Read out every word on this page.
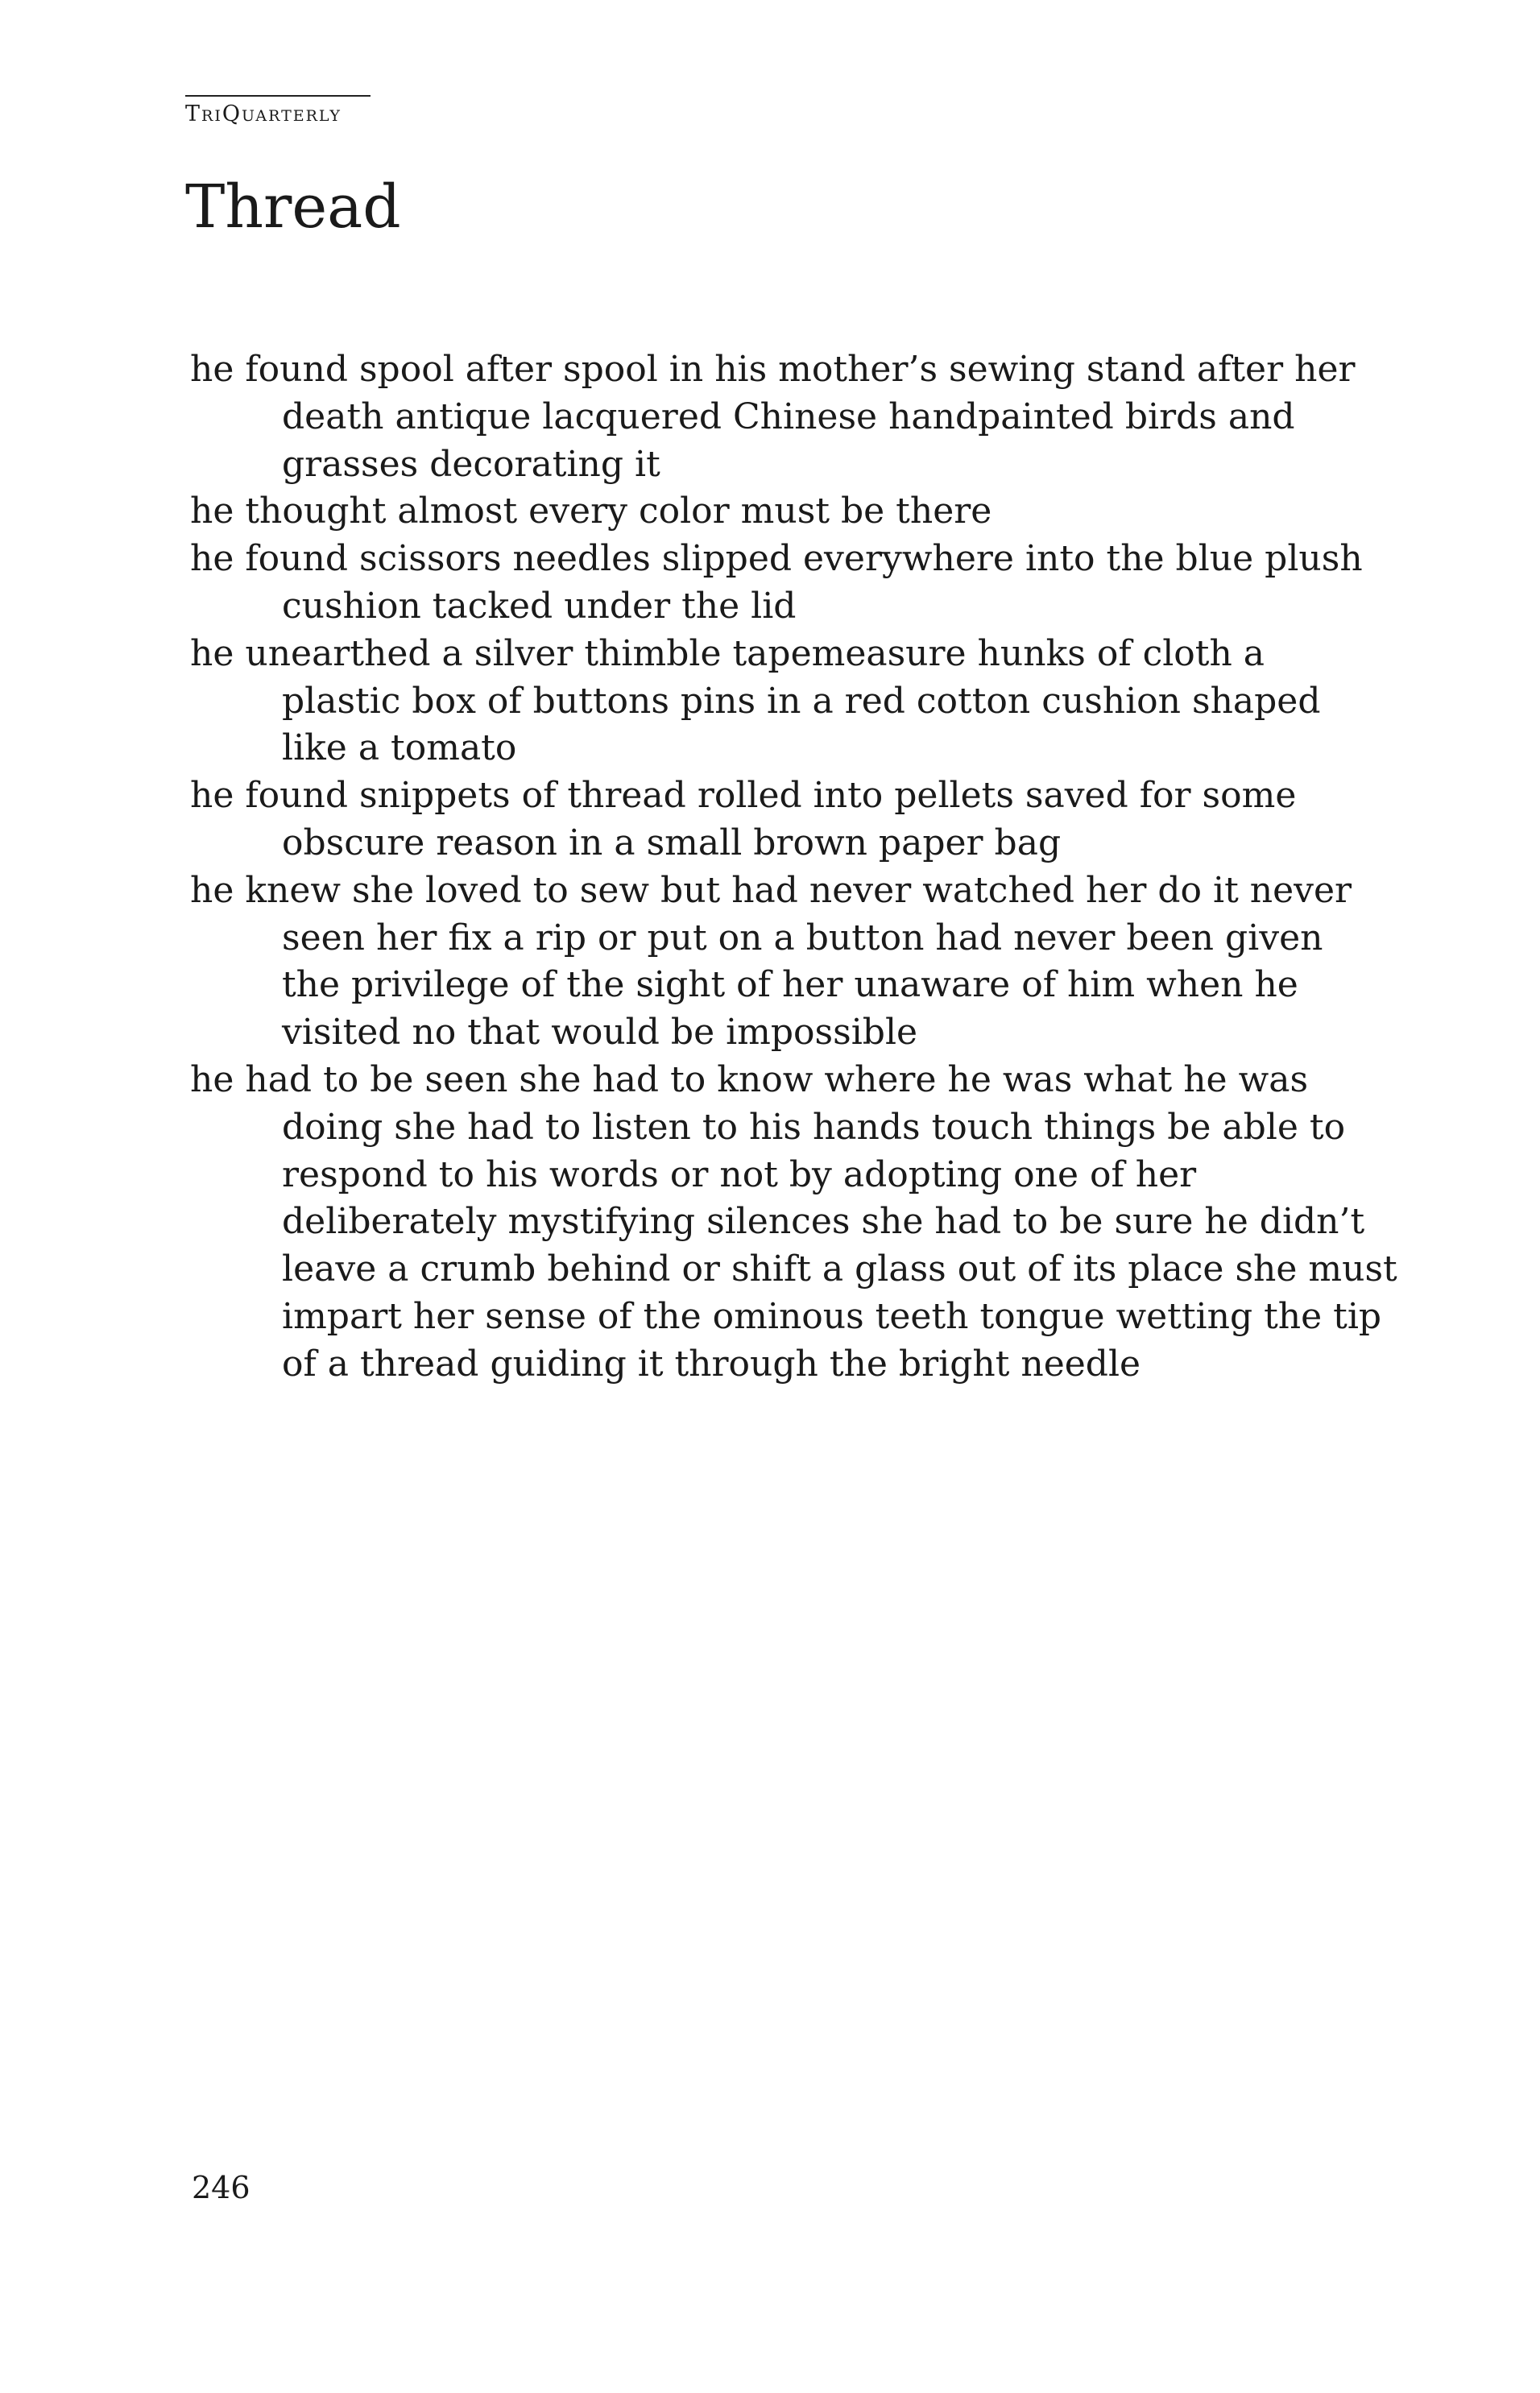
TriQuarterly
Thread
he found spool after spool in his mother’s sewing stand after her
death antique lacquered Chinese handpainted birds and
grasses decorating it
he thought almost every color must be there
he found scissors needles slipped everywhere into the blue plush
cushion tacked under the lid
he unearthed a silver thimble tapemeasure hunks of cloth a
plastic box of buttons pins in a red cotton cushion shaped
like a tomato
he found snippets of thread rolled into pellets saved for some
obscure reason in a small brown paper bag
he knew she loved to sew but had never watched her do it never
seen her fix a rip or put on a button had never been given
the privilege of the sight of her unaware of him when he
visited no that would be impossible
he had to be seen she had to know where he was what he was
doing she had to listen to his hands touch things be able to
respond to his words or not by adopting one of her
deliberately mystifying silences she had to be sure he didn’t
leave a crumb behind or shift a glass out of its place she must
impart her sense of the ominous teeth tongue wetting the tip
of a thread guiding it through the bright needle
246
